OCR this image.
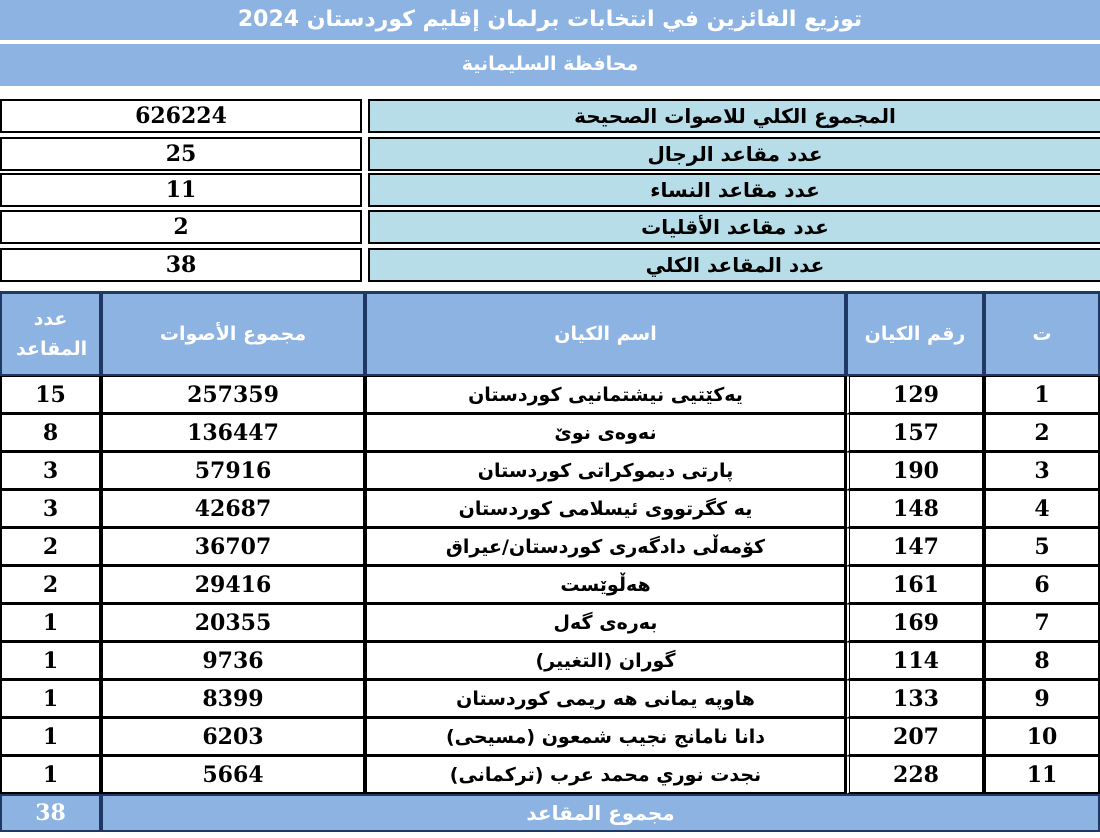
توزيع الفائزين في انتخابات برلمان إقليم كوردستان 2024
محافظة السليمانية
626224	المجموع الكلي للاصوات الصحيحة
25	عدد مقاعد الرجال
11	عدد مقاعد النساء
2	عدد مقاعد الأقليات
38	عدد المقاعد الكلي
عدد المقاعد	مجموع الأصوات	اسم الكيان	رقم الكيان	ت
15	257359	یەکێتیی نیشتمانیی کوردستان	129	1
8	136447	نەوەی نوێ	157	2
3	57916	پارتی دیموکراتی کوردستان	190	3
3	42687	یە کگرتووی ئیسلامی کوردستان	148	4
2	36707	کۆمەڵی دادگەری کوردستان/عیراق	147	5
2	29416	هەڵوێست	161	6
1	20355	بەرەی گەل	169	7
1	9736	گوران (التغيير)	114	8
1	8399	هاوپە یمانی هە ریمی کوردستان	133	9
1	6203	دانا نامانج نجيب شمعون (مسيحی)	207	10
1	5664	نجدت نوري محمد عرب (تركمانی)	228	11
38	مجموع المقاعد			
